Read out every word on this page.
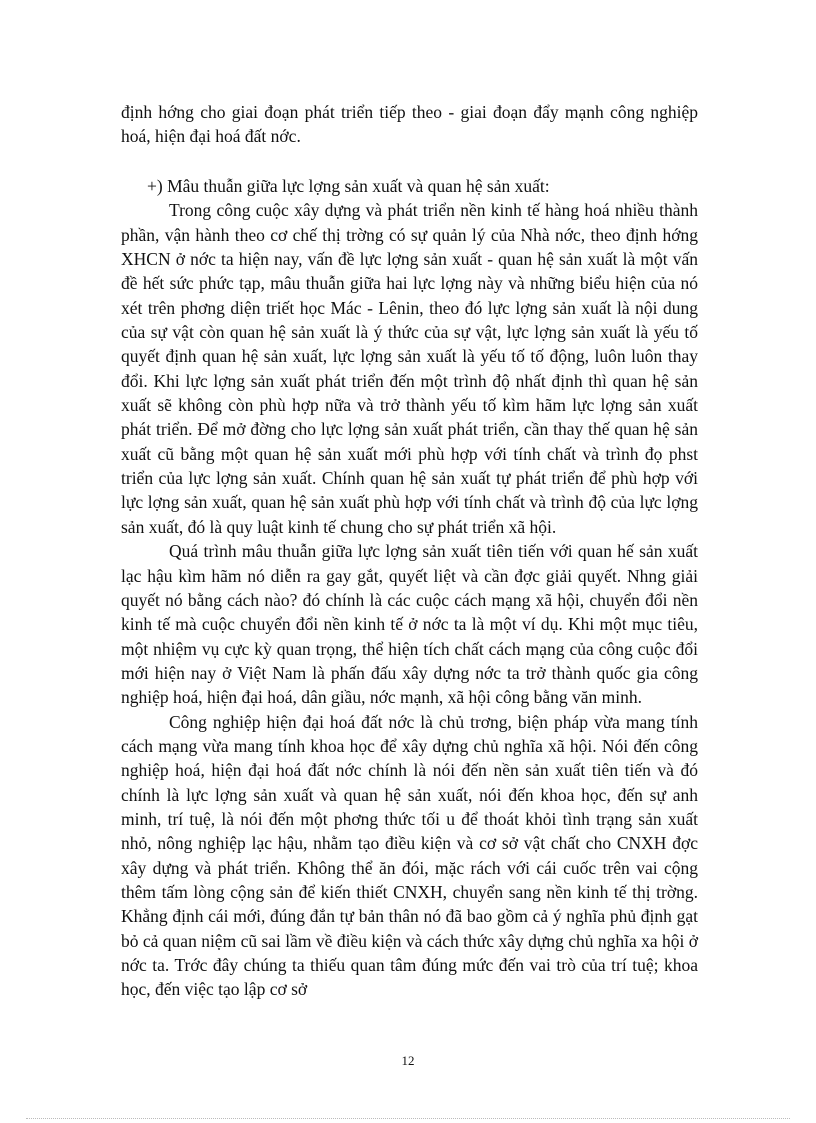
định hớng cho giai đoạn phát triển tiếp theo - giai đoạn đẩy mạnh công nghiệp hoá, hiện đại hoá đất nớc.

+) Mâu thuẫn giữa lực lợng sản xuất và quan hệ sản xuất:

Trong công cuộc xây dựng và phát triển nền kinh tế hàng hoá nhiều thành phần, vận hành theo cơ chế thị trờng có sự quản lý của Nhà nớc, theo định hớng XHCN ở nớc ta hiện nay, vấn đề lực lợng sản xuất - quan hệ sản xuất là một vấn đề hết sức phức tạp, mâu thuẫn giữa hai lực lợng này và những biểu hiện của nó xét trên phơng diện triết học Mác - Lênin, theo đó lực lợng sản xuất là nội dung của sự vật còn quan hệ sản xuất là ý thức của sự vật, lực lợng sản xuất là yếu tố quyết định quan hệ sản xuất, lực lợng sản xuất là yếu tố tố động, luôn luôn thay đổi. Khi lực lợng sản xuất phát triển đến một trình độ nhất định thì quan hệ sản xuất sẽ không còn phù hợp nữa và trở thành yếu tố kìm hãm lực lợng sản xuất phát triển. Để mở đờng cho lực lợng sản xuất phát triển, cần thay thế quan hệ sản xuất cũ bằng một quan hệ sản xuất mới phù hợp với tính chất và trình đọ phst triển của lực lợng sản xuất. Chính quan hệ sản xuất tự phát triển để phù hợp với lực lợng sản xuất, quan hệ sản xuất phù hợp với tính chất và trình độ của lực lợng sản xuất, đó là quy luật kinh tế chung cho sự phát triển xã hội.

Quá trình mâu thuẫn giữa lực lợng sản xuất tiên tiến với quan hế sản xuất lạc hậu kìm hãm nó diễn ra gay gắt, quyết liệt và cần đợc giải quyết. Nhng giải quyết nó bằng cách nào? đó chính là các cuộc cách mạng xã hội, chuyển đổi nền kinh tế mà cuộc chuyển đổi nền kinh tế ở nớc ta là một ví dụ. Khi một mục tiêu, một nhiệm vụ cực kỳ quan trọng, thể hiện tích chất cách mạng của công cuộc đổi mới hiện nay ở Việt Nam là phấn đấu xây dựng nớc ta trở thành quốc gia công nghiệp hoá, hiện đại hoá, dân giầu, nớc mạnh, xã hội công bằng văn minh.

Công nghiệp hiện đại hoá đất nớc là chủ trơng, biện pháp vừa mang tính cách mạng vừa mang tính khoa học để xây dựng chủ nghĩa xã hội. Nói đến công nghiệp hoá, hiện đại hoá đất nớc chính là nói đến nền sản xuất tiên tiến và đó chính là lực lợng sản xuất và quan hệ sản xuất, nói đến khoa học, đến sự anh minh, trí tuệ, là nói đến một phơng thức tối u để thoát khỏi tình trạng sản xuất nhỏ, nông nghiệp lạc hậu, nhằm tạo điều kiện và cơ sở vật chất cho CNXH đợc xây dựng và phát triển. Không thể ăn đói, mặc rách với cái cuốc trên vai cộng thêm tấm lòng cộng sản để kiến thiết CNXH, chuyển sang nền kinh tế thị trờng. Khẳng định cái mới, đúng đắn tự bản thân nó đã bao gồm cả ý nghĩa phủ định gạt bỏ cả quan niệm cũ sai lầm về điều kiện và cách thức xây dựng chủ nghĩa xa hội ở nớc ta. Trớc đây chúng ta thiếu quan tâm đúng mức đến vai trò của trí tuệ; khoa học, đến việc tạo lập cơ sở

12
